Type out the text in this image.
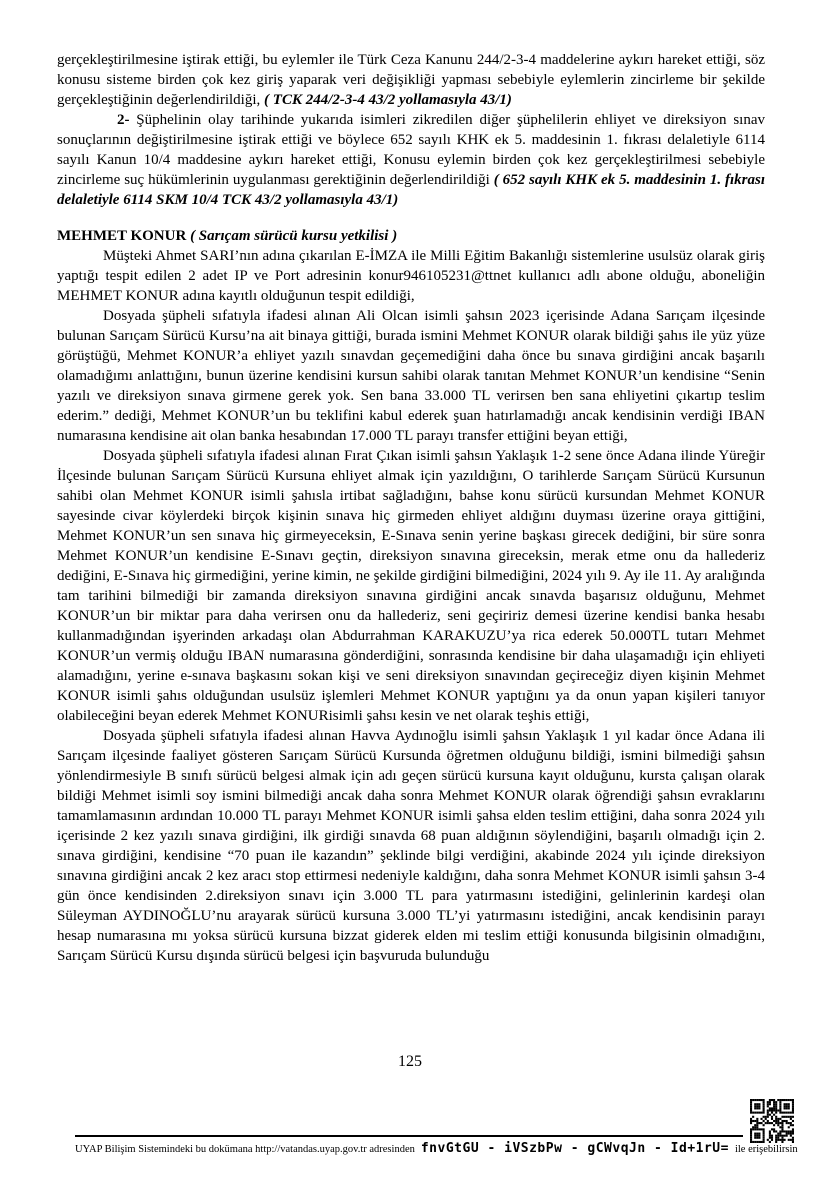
gerçekleştirilmesine iştirak ettiği, bu eylemler ile Türk Ceza Kanunu 244/2-3-4 maddelerine aykırı hareket ettiği, söz konusu sisteme birden çok kez giriş yaparak veri değişikliği yapması sebebiyle eylemlerin zincirleme bir şekilde gerçekleştiğinin değerlendirildiği, ( TCK 244/2-3-4 43/2 yollamasıyla 43/1)

2- Şüphelinin olay tarihinde yukarıda isimleri zikredilen diğer şüphelilerin ehliyet ve direksiyon sınav sonuçlarının değiştirilmesine iştirak ettiği ve böylece 652 sayılı KHK ek 5. maddesinin 1. fıkrası delaletiyle 6114 sayılı Kanun 10/4 maddesine aykırı hareket ettiği, Konusu eylemin birden çok kez gerçekleştirilmesi sebebiyle zincirleme suç hükümlerinin uygulanması gerektiğinin değerlendirildiği ( 652 sayılı KHK ek 5. maddesinin 1. fıkrası delaletiyle 6114 SKM 10/4 TCK 43/2 yollamasıyla 43/1)

MEHMET KONUR ( Sarıçam sürücü kursu yetkilisi )

Müşteki Ahmet SARI’nın adına çıkarılan E-İMZA ile Milli Eğitim Bakanlığı sistemlerine usulsüz olarak giriş yaptığı tespit edilen 2 adet IP ve Port adresinin konur946105231@ttnet kullanıcı adlı abone olduğu, aboneliğin MEHMET KONUR adına kayıtlı olduğunun tespit edildiği,

Dosyada şüpheli sıfatıyla ifadesi alınan Ali Olcan isimli şahsın 2023 içerisinde Adana Sarıçam ilçesinde bulunan Sarıçam Sürücü Kursu’na ait binaya gittiği, burada ismini Mehmet KONUR olarak bildiği şahıs ile yüz yüze görüştüğü, Mehmet KONUR’a ehliyet yazılı sınavdan geçemediğini daha önce bu sınava girdiğini ancak başarılı olamadığımı anlattığını, bunun üzerine kendisini kursun sahibi olarak tanıtan Mehmet KONUR’un kendisine “Senin yazılı ve direksiyon sınava girmene gerek yok. Sen bana 33.000 TL verirsen ben sana ehliyetini çıkartıp teslim ederim.” dediği, Mehmet KONUR’un bu teklifini kabul ederek şuan hatırlamadığı ancak kendisinin verdiği IBAN numarasına kendisine ait olan banka hesabından 17.000 TL parayı transfer ettiğini beyan ettiği,

Dosyada şüpheli sıfatıyla ifadesi alınan Fırat Çıkan isimli şahsın Yaklaşık 1-2 sene önce Adana ilinde Yüreğir İlçesinde bulunan Sarıçam Sürücü Kursuna ehliyet almak için yazıldığını, O tarihlerde Sarıçam Sürücü Kursunun sahibi olan Mehmet KONUR isimli şahısla irtibat sağladığını, bahse konu sürücü kursundan Mehmet KONUR sayesinde civar köylerdeki birçok kişinin sınava hiç girmeden ehliyet aldığını duyması üzerine oraya gittiğini, Mehmet KONUR’un sen sınava hiç girmeyeceksin, E-Sınava senin yerine başkası girecek dediğini, bir süre sonra Mehmet KONUR’un kendisine E-Sınavı geçtin, direksiyon sınavına gireceksin, merak etme onu da hallederiz dediğini, E-Sınava hiç girmediğini, yerine kimin, ne şekilde girdiğini bilmediğini, 2024 yılı 9. Ay ile 11. Ay aralığında tam tarihini bilmediği bir zamanda direksiyon sınavına girdiğini ancak sınavda başarısız olduğunu, Mehmet KONUR’un bir miktar para daha verirsen onu da hallederiz, seni geçiririz demesi üzerine kendisi banka hesabı kullanmadığından işyerinden arkadaşı olan Abdurrahman KARAKUZU’ya rica ederek 50.000TL tutarı Mehmet KONUR’un vermiş olduğu IBAN numarasına gönderdiğini, sonrasında kendisine bir daha ulaşamadığı için ehliyeti alamadığını, yerine e-sınava başkasını sokan kişi ve seni direksiyon sınavından geçireceğiz diyen kişinin Mehmet KONUR isimli şahıs olduğundan usulsüz işlemleri Mehmet KONUR yaptığını ya da onun yapan kişileri tanıyor olabileceğini beyan ederek Mehmet KONURisimli şahsı kesin ve net olarak teşhis ettiği,

Dosyada şüpheli sıfatıyla ifadesi alınan Havva Aydınoğlu isimli şahsın Yaklaşık 1 yıl kadar önce Adana ili Sarıçam ilçesinde faaliyet gösteren Sarıçam Sürücü Kursunda öğretmen olduğunu bildiği, ismini bilmediği şahsın yönlendirmesiyle B sınıfı sürücü belgesi almak için adı geçen sürücü kursuna kayıt olduğunu, kursta çalışan olarak bildiği Mehmet isimli soy ismini bilmediği ancak daha sonra Mehmet KONUR olarak öğrendiği şahsın evraklarını tamamlamasının ardından 10.000 TL parayı Mehmet KONUR isimli şahsa elden teslim ettiğini, daha sonra 2024 yılı içerisinde 2 kez yazılı sınava girdiğini, ilk girdiği sınavda 68 puan aldığının söylendiğini, başarılı olmadığı için 2. sınava girdiğini, kendisine “70 puan ile kazandın” şeklinde bilgi verdiğini, akabinde 2024 yılı içinde direksiyon sınavına girdiğini ancak 2 kez aracı stop ettirmesi nedeniyle kaldığını, daha sonra Mehmet KONUR isimli şahsın 3-4 gün önce kendisinden 2.direksiyon sınavı için 3.000 TL para yatırmasını istediğini, gelinlerinin kardeşi olan Süleyman AYDINOĞLU’nu arayarak sürücü kursuna 3.000 TL’yi yatırmasını istediğini, ancak kendisinin parayı hesap numarasına mı yoksa sürücü kursuna bizzat giderek elden mi teslim ettiği konusunda bilgisinin olmadığını, Sarıçam Sürücü Kursu dışında sürücü belgesi için başvuruda bulunduğu

125
UYAP Bilişim Sistemindeki bu dokümana http://vatandas.uyap.gov.tr adresinden fnvGtGU - iVSzbPw - gCWvqJn - Id+1rU= ile erişebilirsin
